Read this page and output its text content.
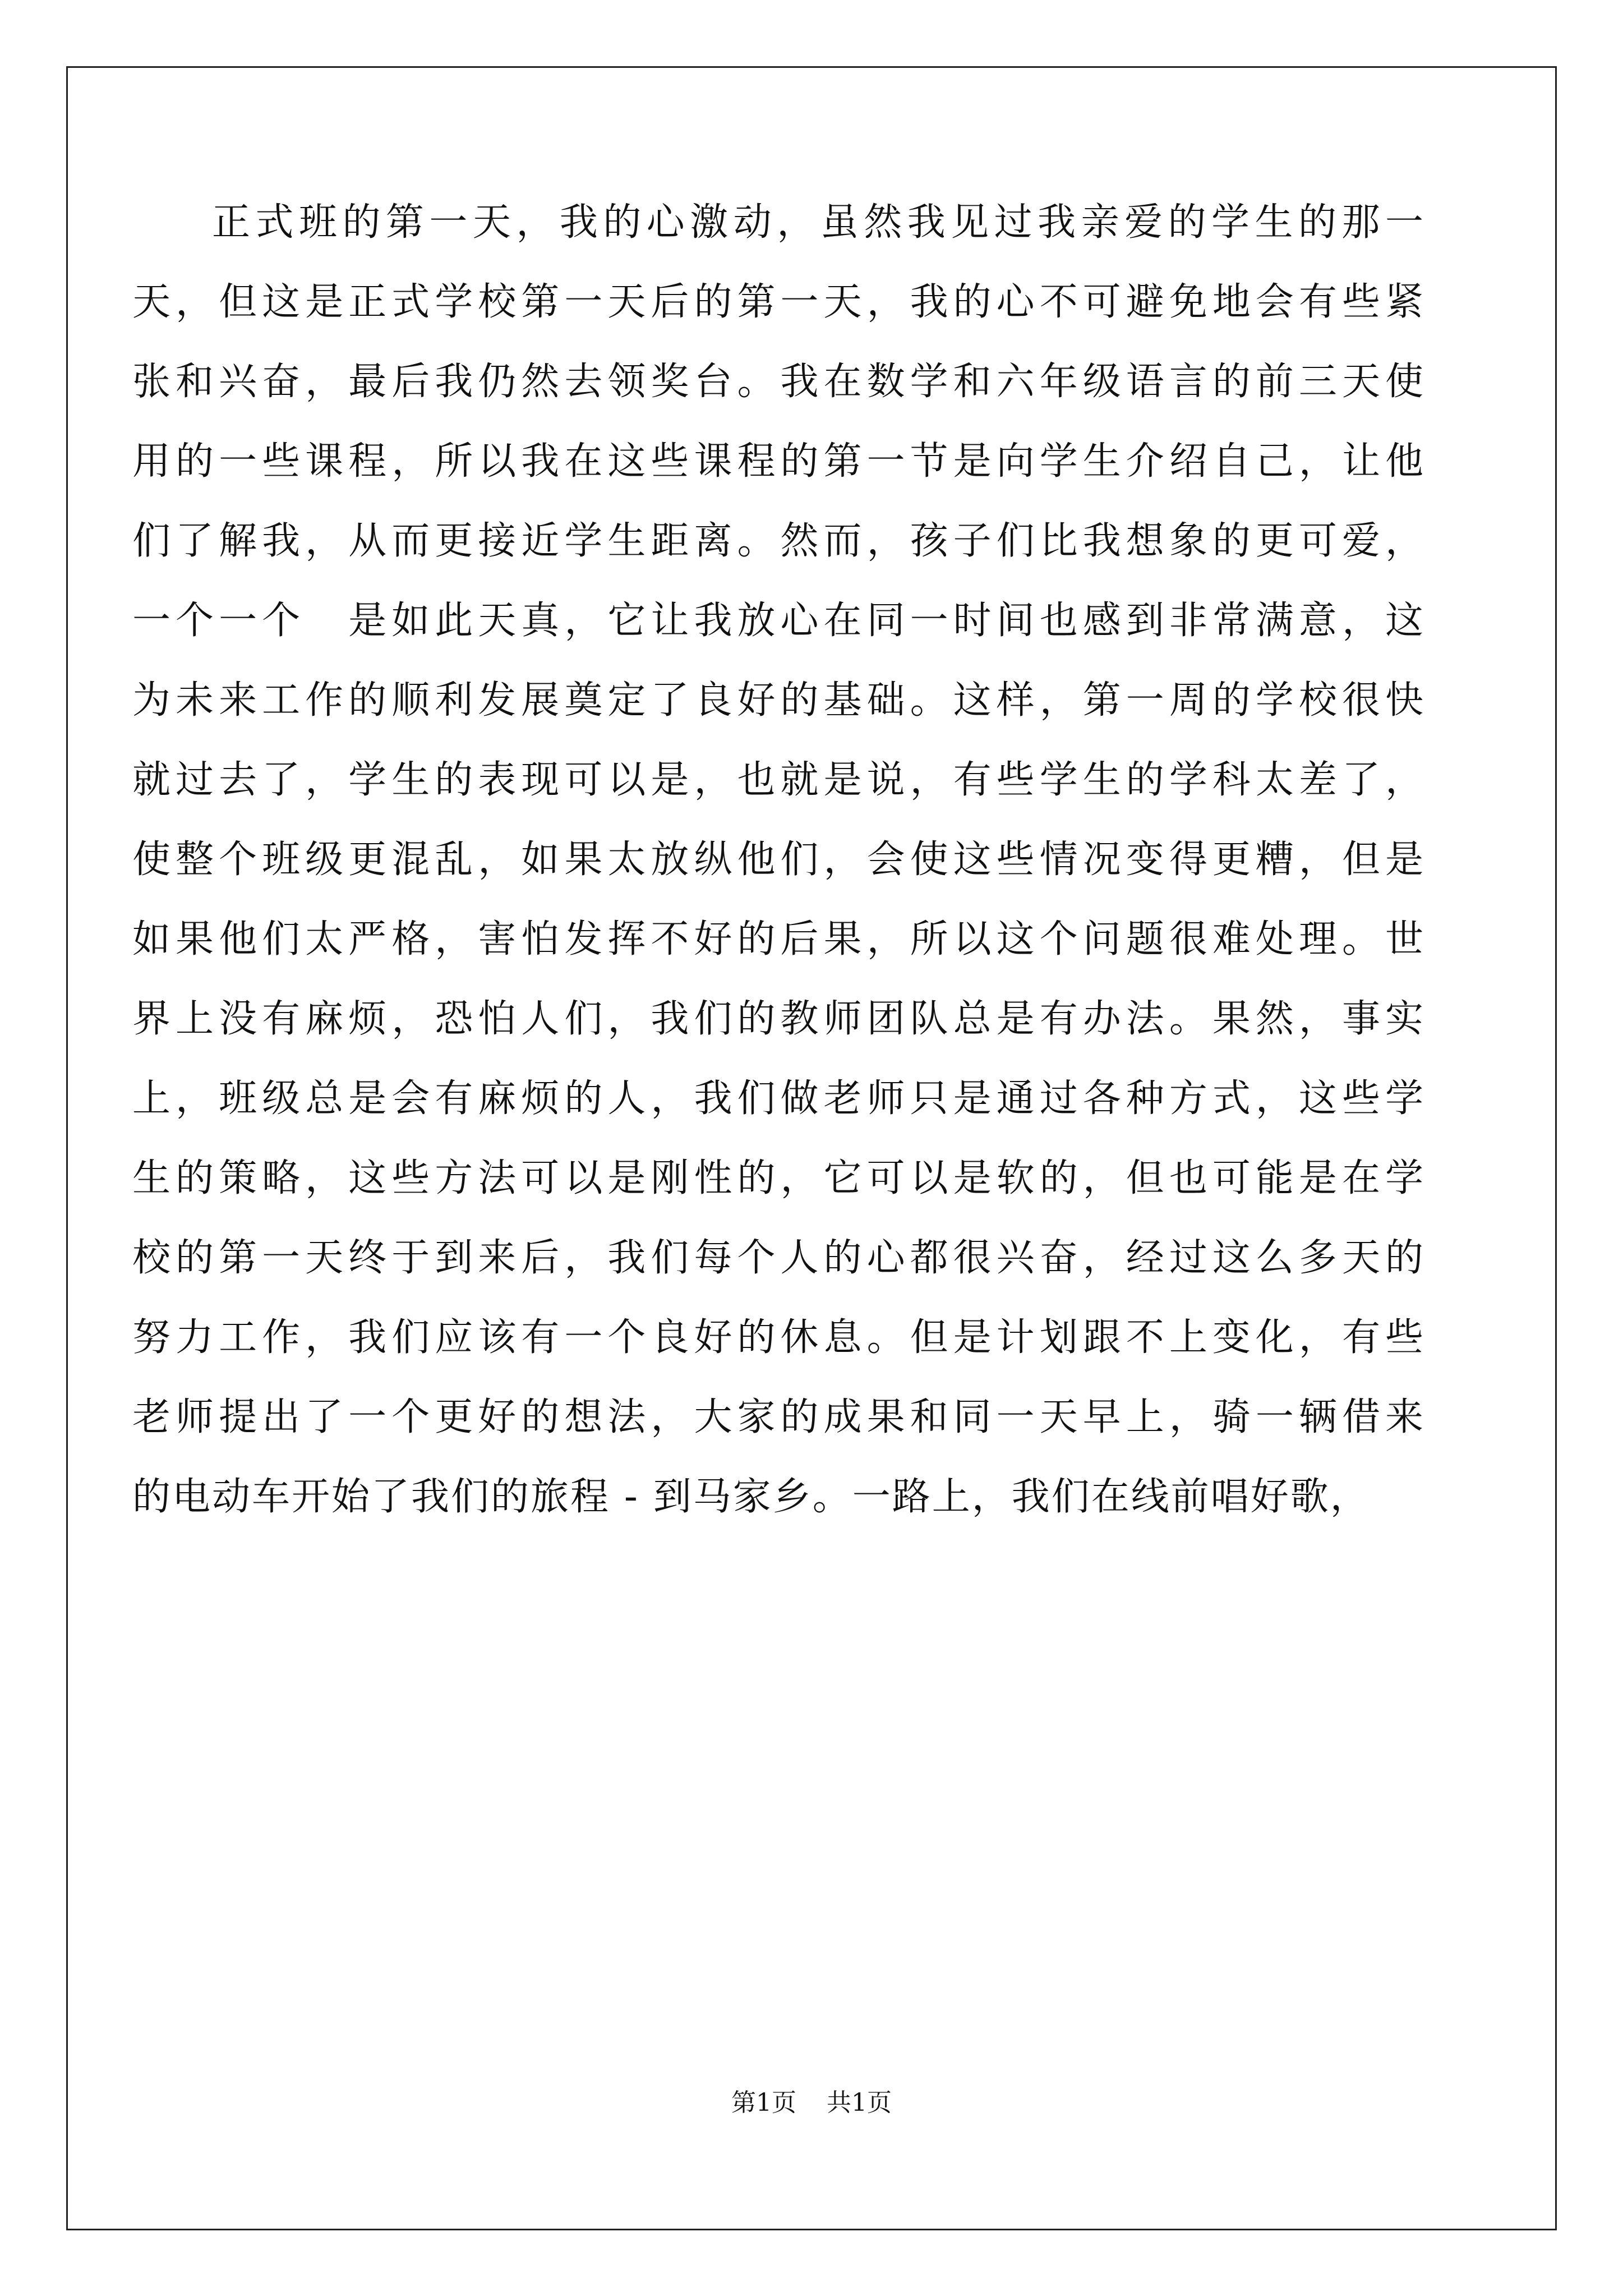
正式班的第一天，我的心激动，虽然我见过我亲爱的学生的那一
天，但这是正式学校第一天后的第一天，我的心不可避免地会有些紧
张和兴奋，最后我仍然去领奖台。我在数学和六年级语言的前三天使
用的一些课程，所以我在这些课程的第一节是向学生介绍自己，让他
们了解我，从而更接近学生距离。然而，孩子们比我想象的更可爱，
一个一个　是如此天真，它让我放心在同一时间也感到非常满意，这
为未来工作的顺利发展奠定了良好的基础。这样，第一周的学校很快
就过去了，学生的表现可以是，也就是说，有些学生的学科太差了，
使整个班级更混乱，如果太放纵他们，会使这些情况变得更糟，但是
如果他们太严格，害怕发挥不好的后果，所以这个问题很难处理。世
界上没有麻烦，恐怕人们，我们的教师团队总是有办法。果然，事实
上，班级总是会有麻烦的人，我们做老师只是通过各种方式，这些学
生的策略，这些方法可以是刚性的，它可以是软的，但也可能是在学
校的第一天终于到来后，我们每个人的心都很兴奋，经过这么多天的
努力工作，我们应该有一个良好的休息。但是计划跟不上变化，有些
老师提出了一个更好的想法，大家的成果和同一天早上，骑一辆借来
的电动车开始了我们的旅程 - 到马家乡。一路上，我们在线前唱好歌，
第1页 共1页
